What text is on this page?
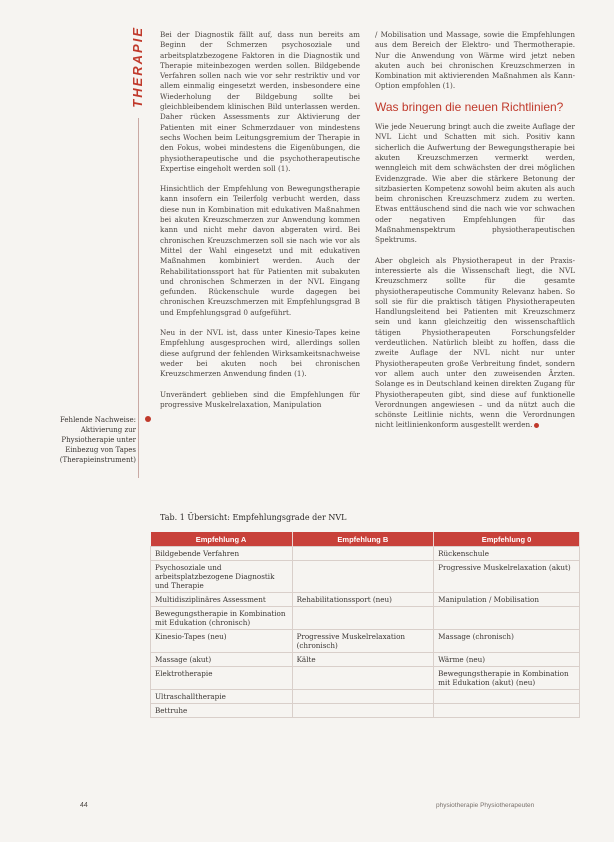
THERAPIE Bei der Diagnostik fällt auf, dass nun bereits am Beginn der Schmerzen psychosoziale und arbeitsplatzbezogene Faktoren in die Diagnostik und Therapie miteinbezogen werden sollen. Bildgebende Verfahren sollen nach wie vor sehr restriktiv und vor allem einmalig eingesetzt werden, insbesondere eine Wiederholung der Bildgebung sollte bei gleichbleibendem klinischen Bild unterlassen werden. Daher rücken Assessments zur Aktivierung der Patienten mit einer Schmerzdauer von mindestens sechs Wochen beim Leitungsgremium der Therapie in den Fokus, wobei mindestens die Eigenübungen, die physiotherapeutische und die psychotherapeutische Expertise eingeholt werden soll (1).

Hinsichtlich der Empfehlung von Bewegungstherapie kann insofern ein Teilerfolg verbucht werden, dass diese nun in Kombination mit edukativen Maßnahmen bei akuten Kreuzschmerzen zur Anwendung kommen kann und nicht mehr davon abgeraten wird. Bei chronischen Kreuzschmerzen soll sie nach wie vor als Mittel der Wahl eingesetzt und mit edukativen Maßnahmen kombiniert werden. Auch der Rehabilitationssport hat für Patienten mit subakuten und chronischen Schmerzen in der NVL Eingang gefunden. Rückenschule wurde dagegen bei chronischen Kreuzschmerzen mit Empfehlungsgrad B und Empfehlungsgrad 0 aufgeführt.

Neu in der NVL ist, dass unter Kinesio-Tapes keine Empfehlung ausgesprochen wird, allerdings sollen diese aufgrund der fehlenden Wirksamkeitsnachweise weder bei akuten noch bei chronischen Kreuzschmerzen Anwendung finden (1).

Unverändert geblieben sind die Empfehlungen für progressive Muskelrelaxation, Manipulation

/ Mobilisation und Massage, sowie die Empfehlungen aus dem Bereich der Elektro- und Thermotherapie. Nur die Anwendung von Wärme wird jetzt neben akuten auch bei chronischen Kreuzschmerzen in Kombination mit aktivierenden Maßnahmen als Kann-Option empfohlen (1).

Was bringen die neuen Richtlinien?

Wie jede Neuerung bringt auch die zweite Auflage der NVL Licht und Schatten mit sich. Positiv kann sicherlich die Aufwertung der Bewegungstherapie bei akuten Kreuzschmerzen vermerkt werden, wenngleich mit dem schwächsten der drei möglichen Evidenzgrade. Wie aber die stärkere Betonung der sitzbasierten Kompetenz sowohl beim akuten als auch beim chronischen Kreuzschmerz zudem zu werten. Etwas enttäuschend sind die nach wie vor schwachen oder negativen Empfehlungen für das Maßnahmenspektrum physiotherapeutischen Spektrums.

Aber obgleich als Physiotherapeut in der Praxis- interessierte als die Wissenschaft liegt, die NVL Kreuzschmerz sollte für die gesamte physiotherapeutische Community Relevanz haben. So soll sie für die praktisch tätigen Physiotherapeuten Handlungsleitend bei Patienten mit Kreuzschmerz sein und kann gleichzeitig den wissenschaftlich tätigen Physiotherapeuten Forschungsfelder verdeutlichen. Natürlich bleibt zu hoffen, dass die zweite Auflage der NVL nicht nur unter Physiotherapeuten große Verbreitung findet, sondern vor allem auch unter den zuweisenden Ärzten. Solange es in Deutschland keinen direkten Zugang für Physiotherapeuten gibt, sind diese auf funktionelle Verordnungen angewiesen – und da nützt auch die schönste Leitlinie nichts, wenn die Verordnungen nicht leitlinienkonform ausgestellt werden.

Fehlende Nachweise: Aktivierung zur Physiotherapie unter Einbezug von Tapes (Therapieinstrument)
Tab. 1 Übersicht: Empfehlungsgrade der NVL
Empfehlung A	Empfehlung B	Empfehlung 0
Bildgebende Verfahren		Rückenschule
Psychosoziale und arbeitsplatzbezogene Diagnostik und Therapie		Progressive Muskelrelaxation (akut)
Multidisziplinäres Assessment	Rehabilitationssport (neu)	Manipulation / Mobilisation
Bewegungstherapie in Kombination mit Edukation (chronisch)		
Kinesio-Tapes (neu)	Progressive Muskelrelaxation (chronisch)	Massage (chronisch)
Massage (akut)	Kälte	Wärme (neu)
Elektrotherapie		Bewegungstherapie in Kombination mit Edukation (akut) (neu)
Ultraschalltherapie		
Bettruhe		
44	physiotherapie Physiotherapeuten
